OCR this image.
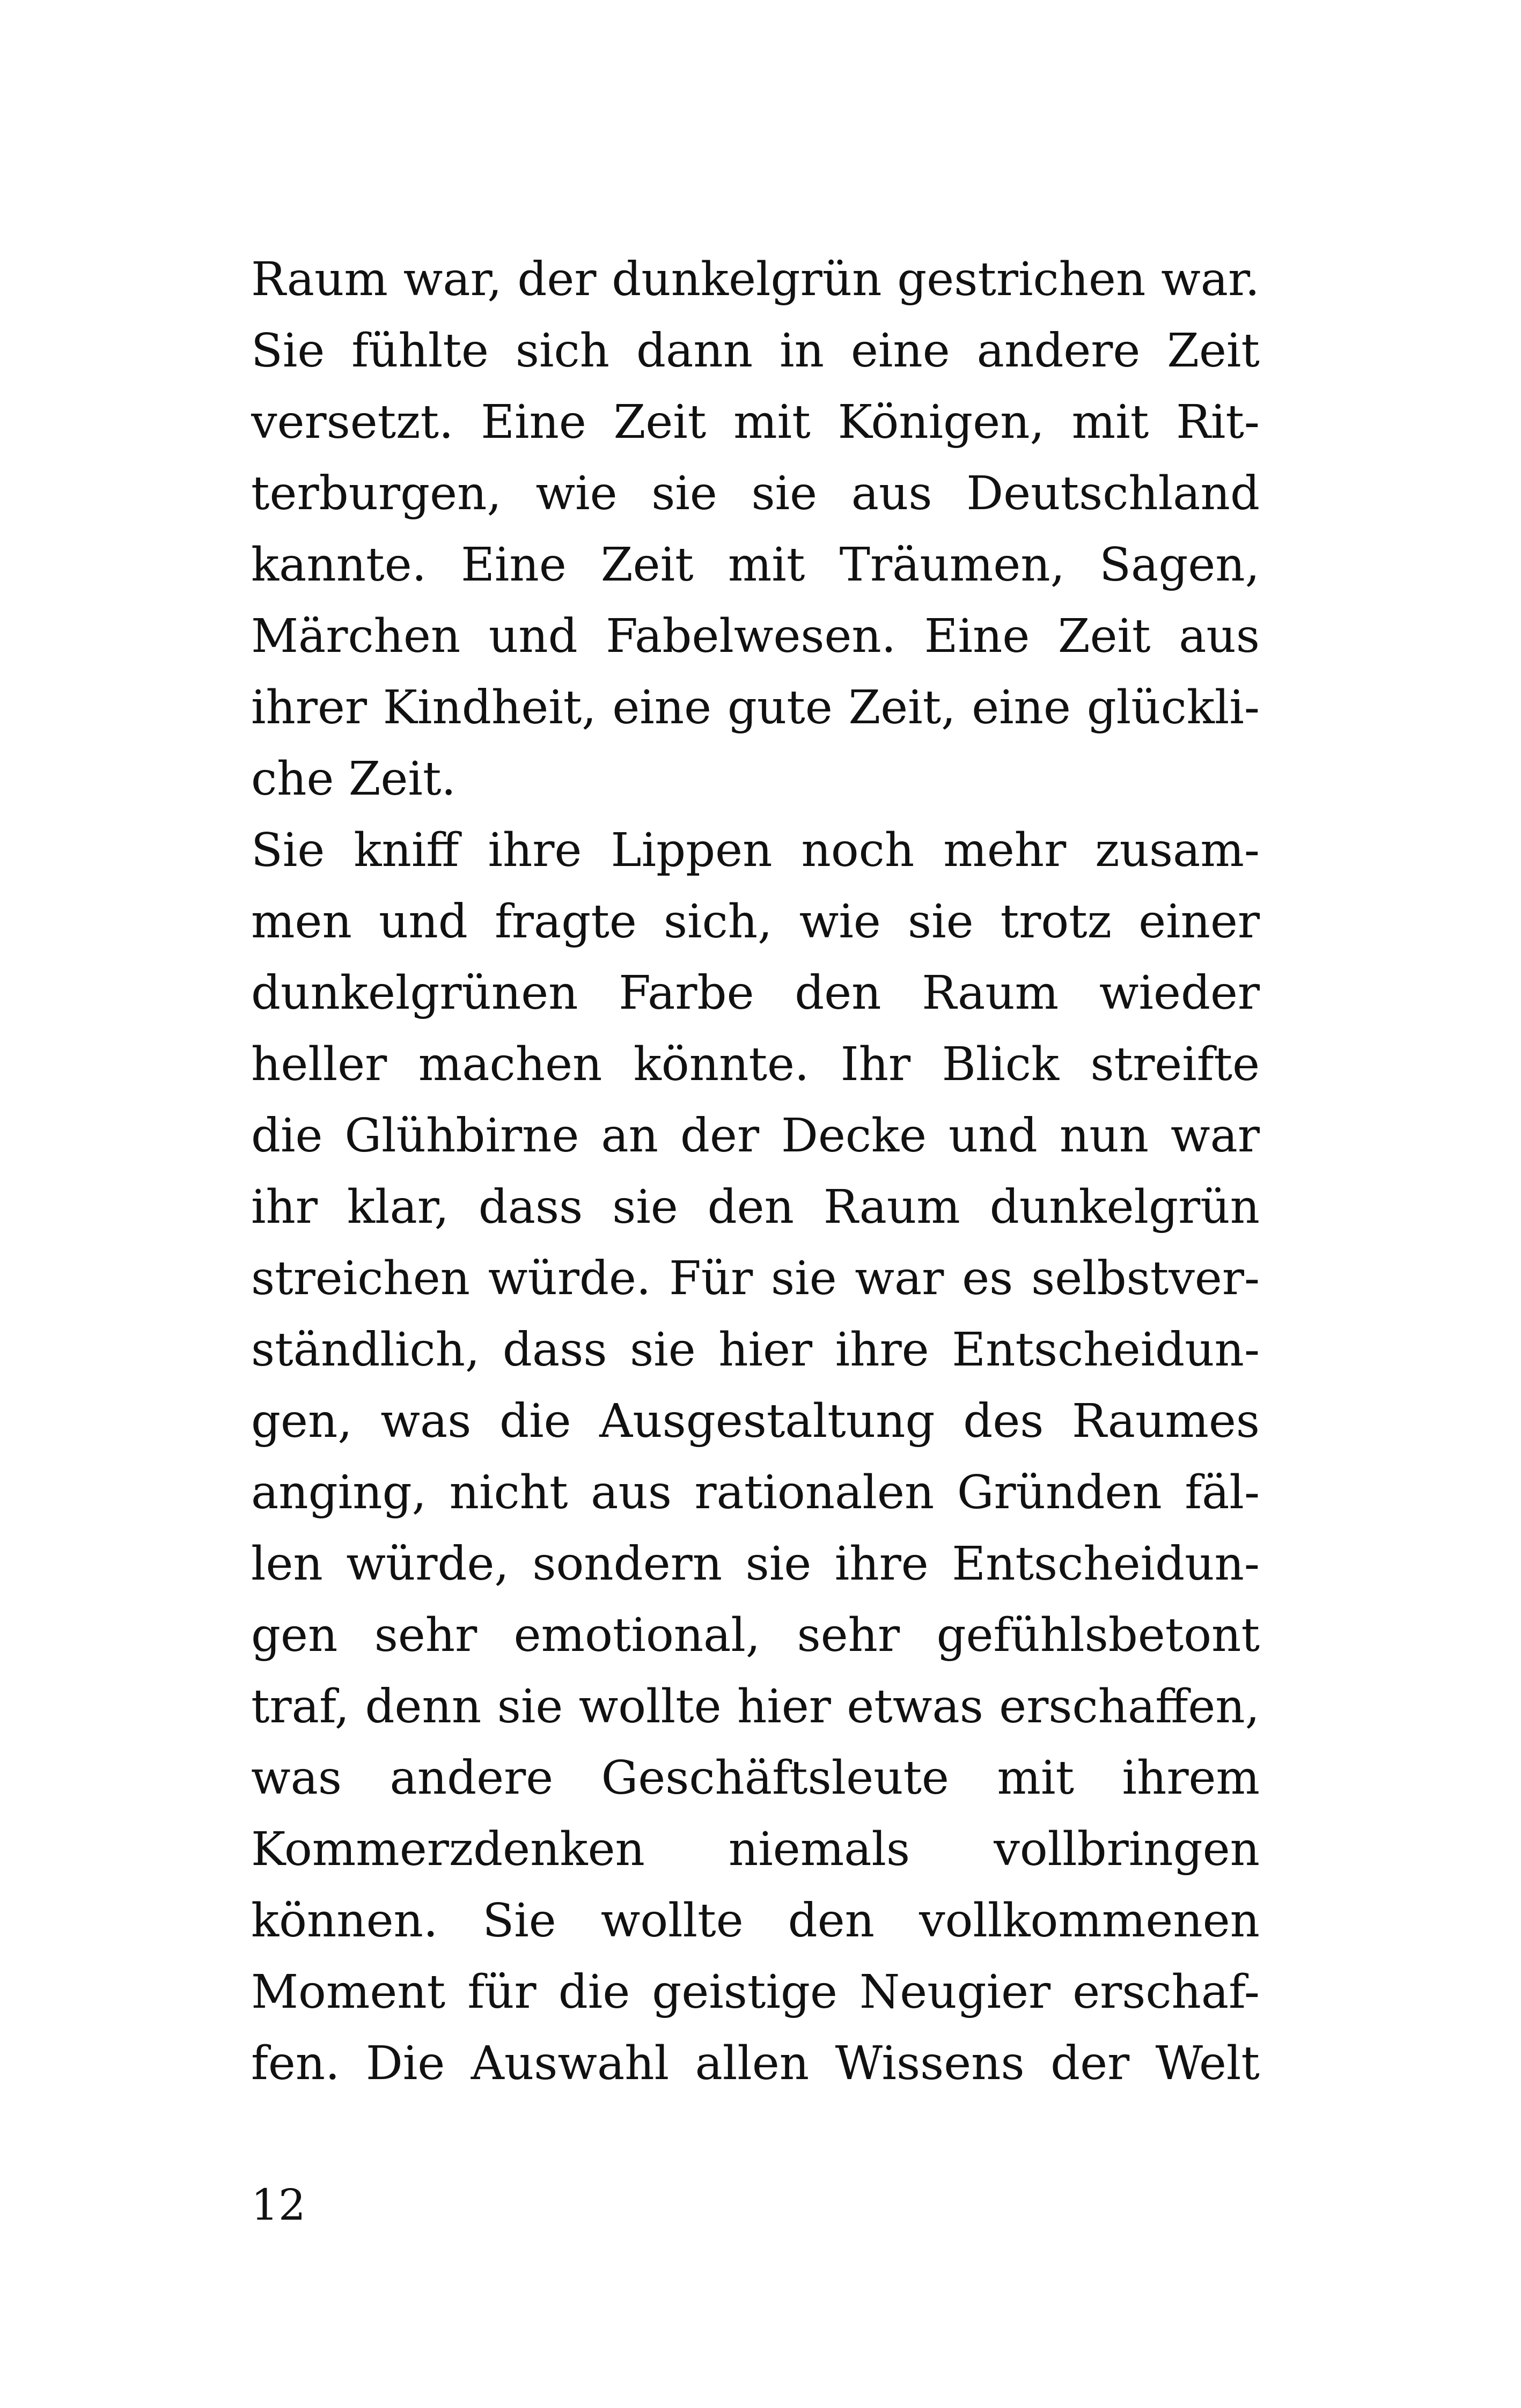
Raum war, der dunkelgrün gestrichen war.
Sie fühlte sich dann in eine andere Zeit
versetzt. Eine Zeit mit Königen, mit Rit-
terburgen, wie sie sie aus Deutschland
kannte. Eine Zeit mit Träumen, Sagen,
Märchen und Fabelwesen. Eine Zeit aus
ihrer Kindheit, eine gute Zeit, eine glückli-
che Zeit.
Sie kniff ihre Lippen noch mehr zusam-
men und fragte sich, wie sie trotz einer
dunkelgrünen Farbe den Raum wieder
heller machen könnte. Ihr Blick streifte
die Glühbirne an der Decke und nun war
ihr klar, dass sie den Raum dunkelgrün
streichen würde. Für sie war es selbstver-
ständlich, dass sie hier ihre Entscheidun-
gen, was die Ausgestaltung des Raumes
anging, nicht aus rationalen Gründen fäl-
len würde, sondern sie ihre Entscheidun-
gen sehr emotional, sehr gefühlsbetont
traf, denn sie wollte hier etwas erschaffen,
was andere Geschäftsleute mit ihrem
Kommerzdenken niemals vollbringen
können. Sie wollte den vollkommenen
Moment für die geistige Neugier erschaf-
fen. Die Auswahl allen Wissens der Welt
12
